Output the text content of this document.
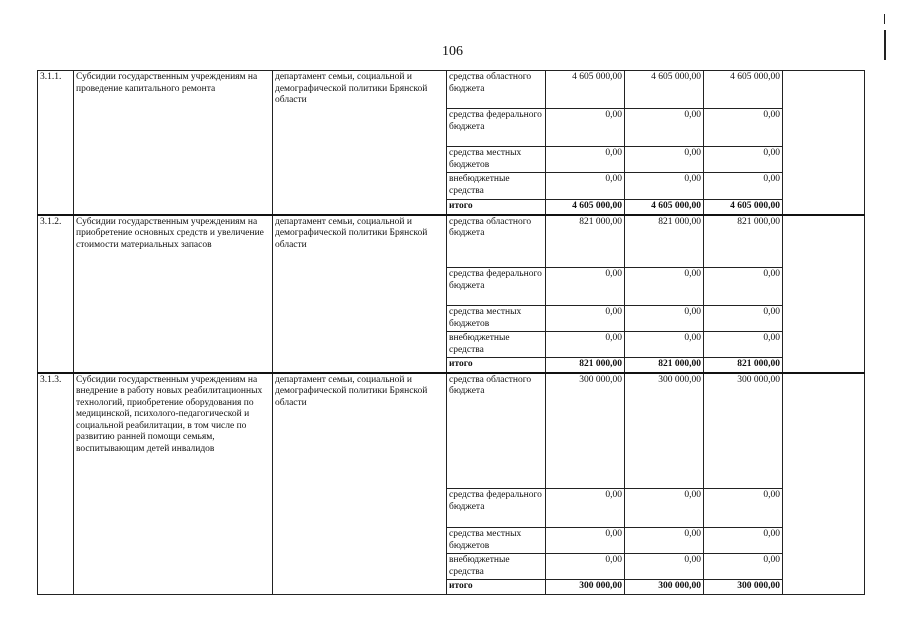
106
3.1.1.	Субсидии государственным учреждениям на проведение капитального ремонта	департамент семьи, социальной и демографической политики Брянской области	средства областного бюджета	4 605 000,00	4 605 000,00	4 605 000,00	
			средства федерального бюджета	0,00	0,00	0,00	
			средства местных бюджетов	0,00	0,00	0,00	
			внебюджетные средства	0,00	0,00	0,00	
			итого	4 605 000,00	4 605 000,00	4 605 000,00	
3.1.2.	Субсидии государственным учреждениям на приобретение основных средств и увеличение стоимости материальных запасов	департамент семьи, социальной и демографической политики Брянской области	средства областного бюджета	821 000,00	821 000,00	821 000,00	
			средства федерального бюджета	0,00	0,00	0,00	
			средства местных бюджетов	0,00	0,00	0,00	
			внебюджетные средства	0,00	0,00	0,00	
			итого	821 000,00	821 000,00	821 000,00	
3.1.3.	Субсидии государственным учреждениям на внедрение в работу новых реабилитационных технологий, приобретение оборудования по медицинской, психолого-педагогической и социальной реабилитации, в том числе по развитию ранней помощи семьям, воспитывающим детей инвалидов	департамент семьи, социальной и демографической политики Брянской области	средства областного бюджета	300 000,00	300 000,00	300 000,00	
			средства федерального бюджета	0,00	0,00	0,00	
			средства местных бюджетов	0,00	0,00	0,00	
			внебюджетные средства	0,00	0,00	0,00	
			итого	300 000,00	300 000,00	300 000,00	
